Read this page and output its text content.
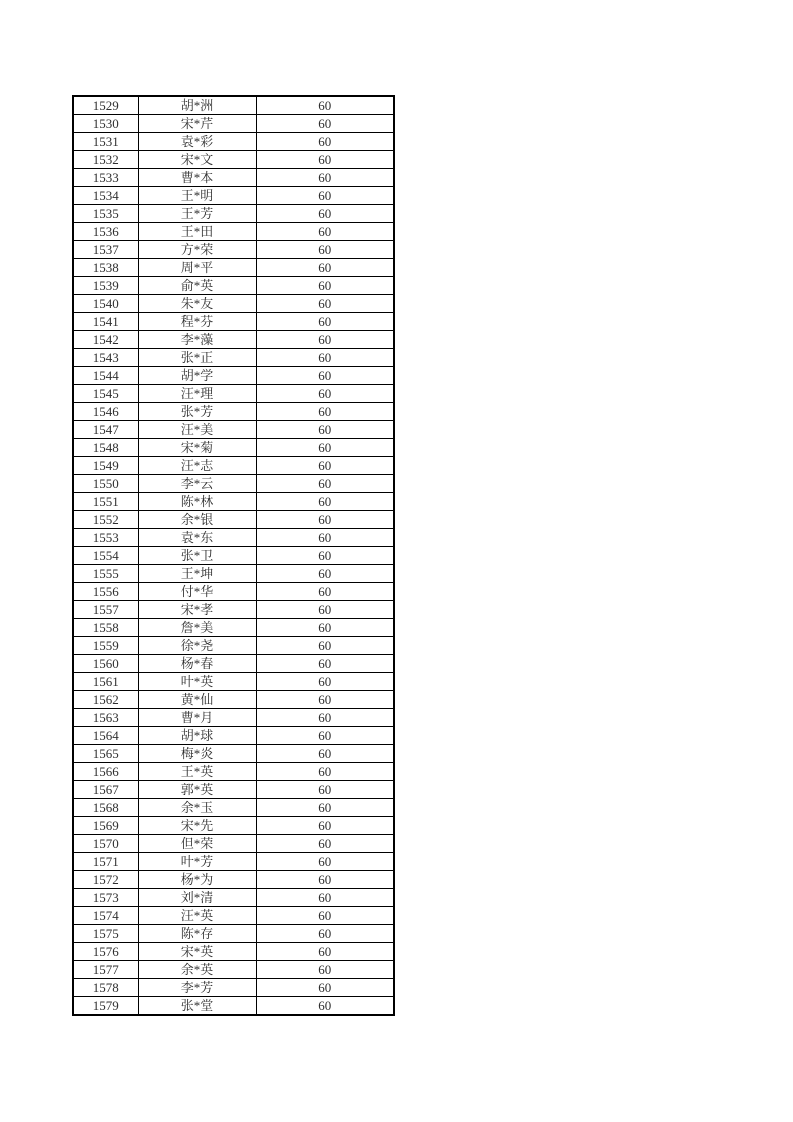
1529	胡*洲	60
1530	宋*芹	60
1531	袁*彩	60
1532	宋*文	60
1533	曹*本	60
1534	王*明	60
1535	王*芳	60
1536	王*田	60
1537	方*荣	60
1538	周*平	60
1539	俞*英	60
1540	朱*友	60
1541	程*芬	60
1542	李*藻	60
1543	张*正	60
1544	胡*学	60
1545	汪*理	60
1546	张*芳	60
1547	汪*美	60
1548	宋*菊	60
1549	汪*志	60
1550	李*云	60
1551	陈*林	60
1552	余*银	60
1553	袁*东	60
1554	张*卫	60
1555	王*坤	60
1556	付*华	60
1557	宋*孝	60
1558	詹*美	60
1559	徐*尧	60
1560	杨*春	60
1561	叶*英	60
1562	黄*仙	60
1563	曹*月	60
1564	胡*球	60
1565	梅*炎	60
1566	王*英	60
1567	郭*英	60
1568	余*玉	60
1569	宋*先	60
1570	但*荣	60
1571	叶*芳	60
1572	杨*为	60
1573	刘*清	60
1574	汪*英	60
1575	陈*存	60
1576	宋*英	60
1577	余*英	60
1578	李*芳	60
1579	张*堂	60
